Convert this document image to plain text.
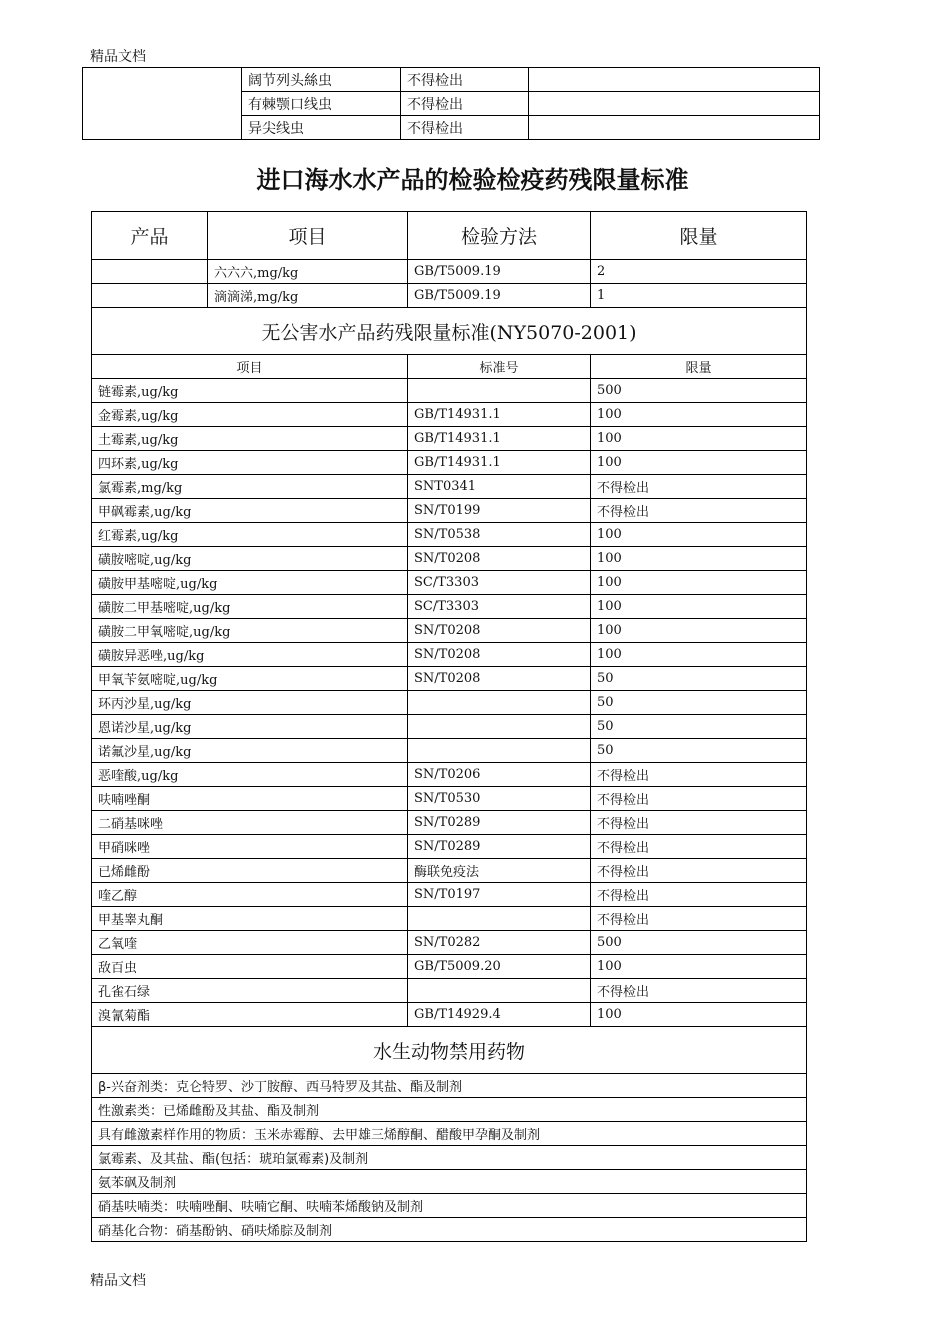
精品文档
	阔节列头絲虫	不得检出	
	有棘颚口线虫	不得检出	
	异尖线虫	不得检出	
进口海水水产品的检验检疫药残限量标准
产品	项目	检验方法	限量
	六六六,mg/kg	GB/T5009.19	2
	滴滴涕,mg/kg	GB/T5009.19	1
无公害水产品药残限量标准(NY5070-2001)			
项目		标准号	限量
链霉素,ug/kg			500
金霉素,ug/kg		GB/T14931.1	100
土霉素,ug/kg		GB/T14931.1	100
四环素,ug/kg		GB/T14931.1	100
氯霉素,mg/kg		SNT0341	不得检出
甲砜霉素,ug/kg		SN/T0199	不得检出
红霉素,ug/kg		SN/T0538	100
磺胺嘧啶,ug/kg		SN/T0208	100
磺胺甲基嘧啶,ug/kg		SC/T3303	100
磺胺二甲基嘧啶,ug/kg		SC/T3303	100
磺胺二甲氧嘧啶,ug/kg		SN/T0208	100
磺胺异恶唑,ug/kg		SN/T0208	100
甲氧苄氨嘧啶,ug/kg		SN/T0208	50
环丙沙星,ug/kg			50
恩诺沙星,ug/kg			50
诺氟沙星,ug/kg			50
恶喹酸,ug/kg		SN/T0206	不得检出
呋喃唑酮		SN/T0530	不得检出
二硝基咪唑		SN/T0289	不得检出
甲硝咪唑		SN/T0289	不得检出
已烯雌酚		酶联免疫法	不得检出
喹乙醇		SN/T0197	不得检出
甲基睾丸酮			不得检出
乙氧喹		SN/T0282	500
敌百虫		GB/T5009.20	100
孔雀石绿			不得检出
溴氰菊酯		GB/T14929.4	100
水生动物禁用药物			
β-兴奋剂类：克仑特罗、沙丁胺醇、西马特罗及其盐、酯及制剂			
性激素类：已烯雌酚及其盐、酯及制剂			
具有雌激素样作用的物质：玉米赤霉醇、去甲雄三烯醇酮、醋酸甲孕酮及制剂			
氯霉素、及其盐、酯(包括：琥珀氯霉素)及制剂			
氨苯砜及制剂			
硝基呋喃类：呋喃唑酮、呋喃它酮、呋喃苯烯酸钠及制剂			
硝基化合物：硝基酚钠、硝呋烯腙及制剂			
精品文档
